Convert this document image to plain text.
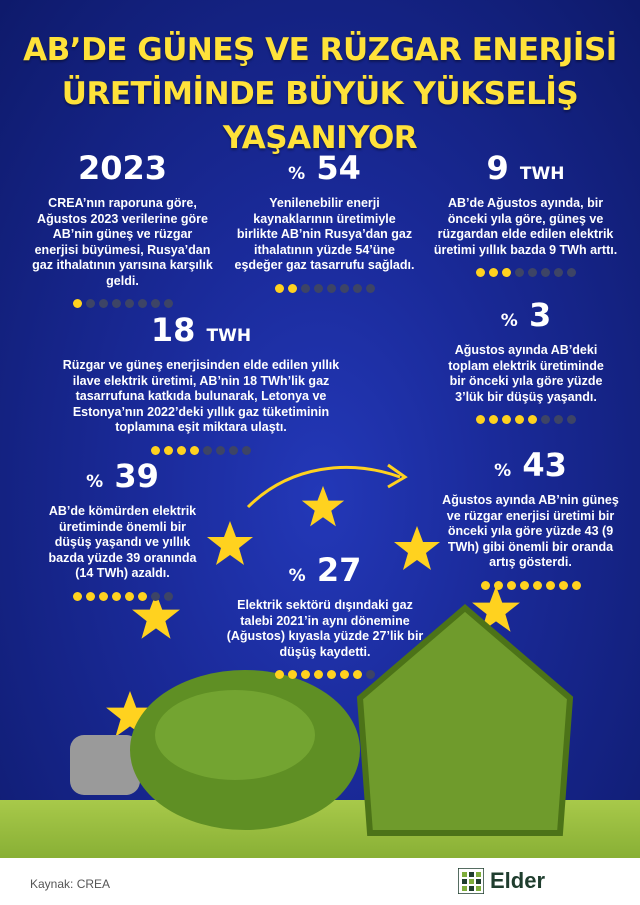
AB’DE GÜNEŞ VE RÜZGAR ENERJİSİ
ÜRETİMİNDE BÜYÜK YÜKSELİŞ YAŞANIYOR
2023
CREA’nın raporuna göre, Ağustos 2023 verilerine göre AB’nin güneş ve rüzgar enerjisi büyümesi, Rusya’dan gaz ithalatının yarısına karşılık geldi.
% 54
Yenilenebilir enerji kaynaklarının üretimiyle birlikte AB’nin Rusya’dan gaz ithalatının yüzde 54’üne eşdeğer gaz tasarrufu sağladı.
9 TWH
AB’de Ağustos ayında, bir önceki yıla göre, güneş ve rüzgardan elde edilen elektrik üretimi yıllık bazda 9 TWh arttı.
18 TWH
Rüzgar ve güneş enerjisinden elde edilen yıllık ilave elektrik üretimi, AB’nin 18 TWh’lik gaz tasarrufuna katkıda bulunarak, Letonya ve Estonya’nın 2022’deki yıllık gaz tüketiminin toplamına eşit miktara ulaştı.
% 3
Ağustos ayında AB’deki toplam elektrik üretiminde bir önceki yıla göre yüzde 3’lük bir düşüş yaşandı.
% 39
AB’de kömürden elektrik üretiminde önemli bir düşüş yaşandı ve yıllık bazda yüzde 39 oranında (14 TWh) azaldı.	% 27
Elektrik sektörü dışındaki gaz talebi 2021’in aynı dönemine (Ağustos) kıyasla yüzde 27’lik bir düşüş kaydetti.
% 43
Ağustos ayında AB’nin güneş ve rüzgar enerjisi üretimi bir önceki yıla göre yüzde 43 (9 TWh) gibi önemli bir oranda artış gösterdi.
Kaynak: CREA	Elder
